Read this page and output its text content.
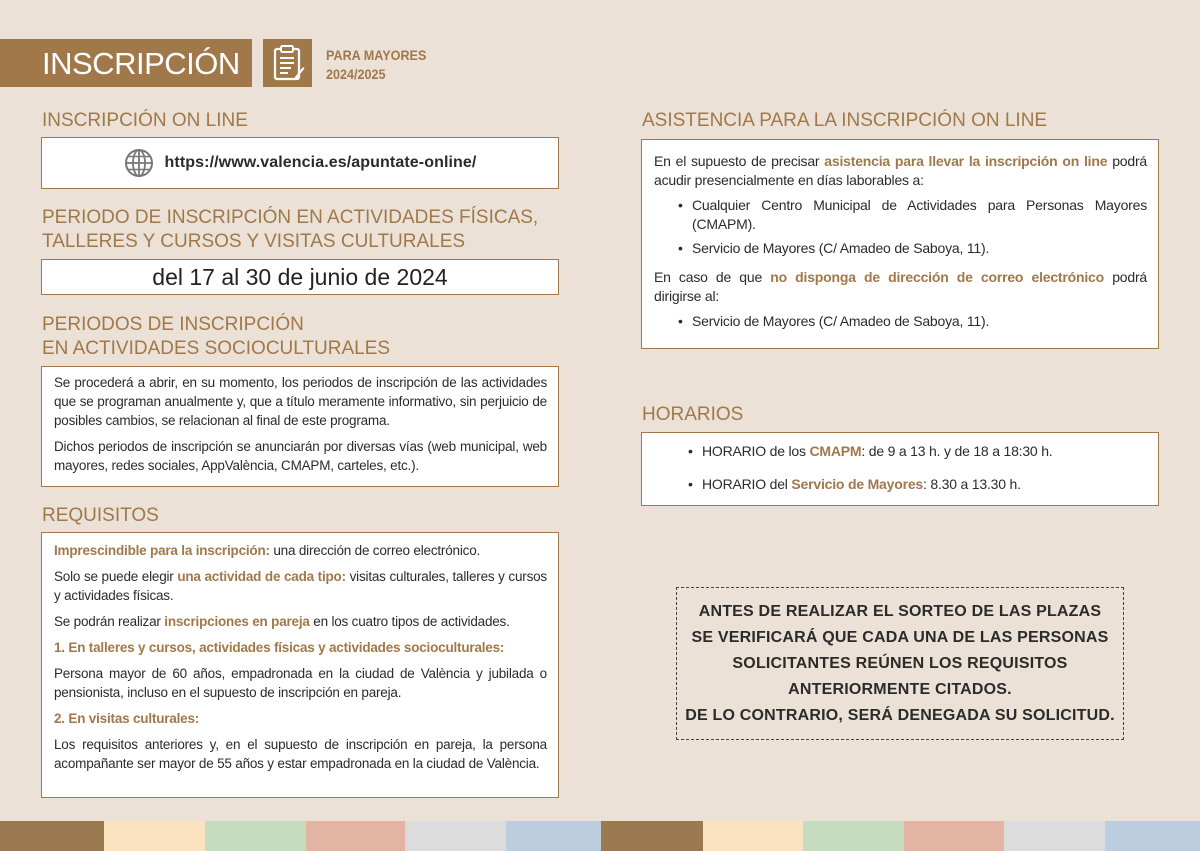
INSCRIPCIÓN	PARA MAYORES
2024/2025
INSCRIPCIÓN ON LINE
https://www.valencia.es/apuntate-online/
PERIODO DE INSCRIPCIÓN EN ACTIVIDADES FÍSICAS,
TALLERES Y CURSOS Y VISITAS CULTURALES
del 17 al 30 de junio de 2024
PERIODOS DE INSCRIPCIÓN
EN ACTIVIDADES SOCIOCULTURALES

Se procederá a abrir, en su momento, los periodos de inscripción de las actividades que se programan anualmente y, que a título meramente informativo, sin perjuicio de posibles cambios, se relacionan al final de este programa.

Dichos periodos de inscripción se anunciarán por diversas vías (web municipal, web mayores, redes sociales, AppValència, CMAPM, carteles, etc.).

REQUISITOS

Imprescindible para la inscripción: una dirección de correo electrónico.

Solo se puede elegir una actividad de cada tipo: visitas culturales, talleres y cursos y actividades físicas.

Se podrán realizar inscripciones en pareja en los cuatro tipos de actividades.

1. En talleres y cursos, actividades físicas y actividades socioculturales:

Persona mayor de 60 años, empadronada en la ciudad de València y jubilada o pensionista, incluso en el supuesto de inscripción en pareja.

2. En visitas culturales:

Los requisitos anteriores y, en el supuesto de inscripción en pareja, la persona acompañante ser mayor de 55 años y estar empadronada en la ciudad de València.

ASISTENCIA PARA LA INSCRIPCIÓN ON LINE

En el supuesto de precisar asistencia para llevar la inscripción on line podrá acudir presencialmente en días laborables a:

• Cualquier Centro Municipal de Actividades para Personas Mayores (CMAPM).

• Servicio de Mayores (C/ Amadeo de Saboya, 11).

En caso de que no disponga de dirección de correo electrónico podrá dirigirse al:

• Servicio de Mayores (C/ Amadeo de Saboya, 11).

HORARIOS

• HORARIO de los CMAPM: de 9 a 13 h. y de 18 a 18:30 h.

• HORARIO del Servicio de Mayores: 8.30 a 13.30 h.

ANTES DE REALIZAR EL SORTEO DE LAS PLAZAS
SE VERIFICARÁ QUE CADA UNA DE LAS PERSONAS
SOLICITANTES REÚNEN LOS REQUISITOS
ANTERIORMENTE CITADOS.
DE LO CONTRARIO, SERÁ DENEGADA SU SOLICITUD.
